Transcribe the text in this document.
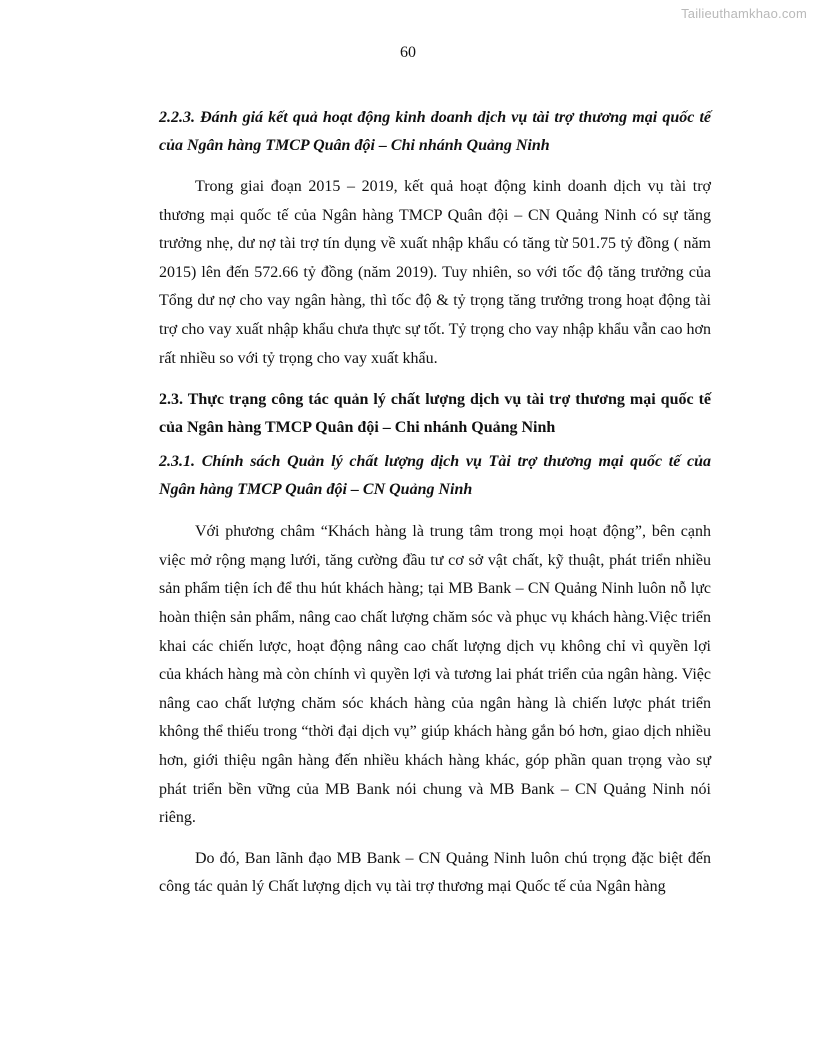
Tailieuthamkhao.com
60
2.2.3. Đánh giá kết quả hoạt động kinh doanh dịch vụ tài trợ thương mại quốc tế của Ngân hàng TMCP Quân đội – Chi nhánh Quảng Ninh

Trong giai đoạn 2015 – 2019, kết quả hoạt động kinh doanh dịch vụ tài trợ thương mại quốc tế của Ngân hàng TMCP Quân đội – CN Quảng Ninh có sự tăng trưởng nhẹ, dư nợ tài trợ tín dụng về xuất nhập khẩu có tăng từ 501.75 tỷ đồng ( năm 2015) lên đến 572.66 tỷ đồng (năm 2019). Tuy nhiên, so với tốc độ tăng trưởng của Tổng dư nợ cho vay ngân hàng, thì tốc độ & tỷ trọng tăng trưởng trong hoạt động tài trợ cho vay xuất nhập khẩu chưa thực sự tốt. Tỷ trọng cho vay nhập khẩu vẫn cao hơn rất nhiều so với tỷ trọng cho vay xuất khẩu.

2.3. Thực trạng công tác quản lý chất lượng dịch vụ tài trợ thương mại quốc tế của Ngân hàng TMCP Quân đội – Chi nhánh Quảng Ninh
2.3.1. Chính sách Quản lý chất lượng dịch vụ Tài trợ thương mại quốc tế của Ngân hàng TMCP Quân đội – CN Quảng Ninh

Với phương châm “Khách hàng là trung tâm trong mọi hoạt động”, bên cạnh việc mở rộng mạng lưới, tăng cường đầu tư cơ sở vật chất, kỹ thuật, phát triển nhiều sản phẩm tiện ích để thu hút khách hàng; tại MB Bank – CN Quảng Ninh luôn nỗ lực hoàn thiện sản phẩm, nâng cao chất lượng chăm sóc và phục vụ khách hàng.Việc triển khai các chiến lược, hoạt động nâng cao chất lượng dịch vụ không chỉ vì quyền lợi của khách hàng mà còn chính vì quyền lợi và tương lai phát triển của ngân hàng. Việc nâng cao chất lượng chăm sóc khách hàng của ngân hàng là chiến lược phát triển không thể thiếu trong “thời đại dịch vụ” giúp khách hàng gắn bó hơn, giao dịch nhiều hơn, giới thiệu ngân hàng đến nhiều khách hàng khác, góp phần quan trọng vào sự phát triển bền vững của MB Bank nói chung và MB Bank – CN Quảng Ninh nói riêng.

Do đó, Ban lãnh đạo MB Bank – CN Quảng Ninh luôn chú trọng đặc biệt đến công tác quản lý Chất lượng dịch vụ tài trợ thương mại Quốc tế của Ngân hàng
